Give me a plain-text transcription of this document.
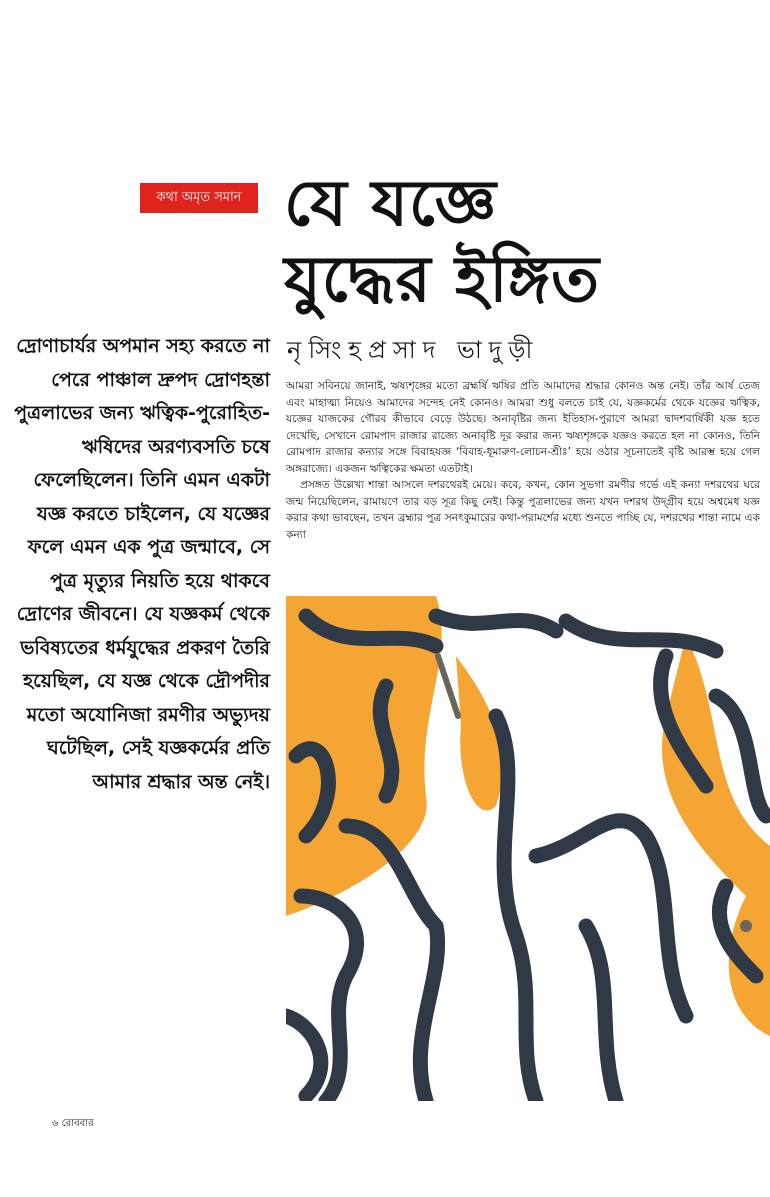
কথা অমৃত সমান যে যজ্ঞে
যুদ্ধের ইঙ্গিত
নৃসিংহপ্রসাদ ভাদুড়ী
দ্রোণাচার্যর অপমান সহ্য করতে না পেরে পাঞ্চাল দ্রুপদ দ্রোণহন্তা পুত্রলাভের জন্য ঋত্বিক-পুরোহিত-ঋষিদের অরণ্যবসতি চষে ফেলেছিলেন। তিনি এমন একটা যজ্ঞ করতে চাইলেন, যে যজ্ঞের ফলে এমন এক পুত্র জন্মাবে, সে পুত্র মৃত্যুর নিয়তি হয়ে থাকবে দ্রোণের জীবনে। যে যজ্ঞকর্ম থেকে ভবিষ্যতের ধর্মযুদ্ধের প্রকরণ তৈরি হয়েছিল, যে যজ্ঞ থেকে দ্রৌপদীর মতো অযোনিজা রমণীর অভ্যুদয় ঘটেছিল, সেই যজ্ঞকর্মের প্রতি আমার শ্রদ্ধার অন্ত নেই।

আমরা সবিনয়ে জানাই, ঋষ্যশৃঙ্গের মতো ব্রহ্মর্ষি ঋষির প্রতি আমাদের শ্রদ্ধার কোনও অন্ত নেই। তাঁর আর্ষ তেজ এবং মাহাত্ম্য নিয়েও আমাদের সন্দেহ নেই কোনও। আমরা শুধু বলতে চাই যে, যজ্ঞকর্মের থেকে যজ্ঞের ঋত্বিক, যজ্ঞের যাজকের গৌরব কীভাবে বেড়ে উঠছে। অনাবৃষ্টির জন্য ইতিহাস-পুরাণে আমরা দ্বাদশবার্ষিকী যজ্ঞ হতে দেখেছি, সেখানে রোমপাদ রাজার রাজ্যে অনাবৃষ্টি দূর করার জন্য ঋষ্যশৃঙ্গকে যজ্ঞও করতে হল না কোনও, তিনি রোমপাদ রাজার কন্যার সঙ্গে বিবাহযজ্ঞ ‘বিবাহ-ধূমারুণ-লোচন-শ্রীঃ’ হয়ে ওঠার সূচনাতেই বৃষ্টি আরম্ভ হয়ে গেল অঙ্গরাজ্যে। একজন ঋত্বিকের ক্ষমতা এতটাই।

প্রসঙ্গত উল্লেখ্য শান্তা আসলে দশরথেরই মেয়ে। কবে, কখন, কোন সুভগা রমণীর গর্ভে এই কন্যা দশরথের ঘরে জন্ম নিয়েছিলেন, রামায়ণে তার বড় সূত্র কিছু নেই। কিন্তু পুত্রলাভের জন্য যখন দশরথ উদ্‌গ্রীব হয়ে অশ্বমেধ যজ্ঞ করার কথা ভাবছেন, তখন ব্রহ্মার পুত্র সনৎকুমারের কথা-পরামর্শের মধ্যে শুনতে পাচ্ছি যে, দশরথের শান্তা নামে এক কন্যা

৬ রোববার
